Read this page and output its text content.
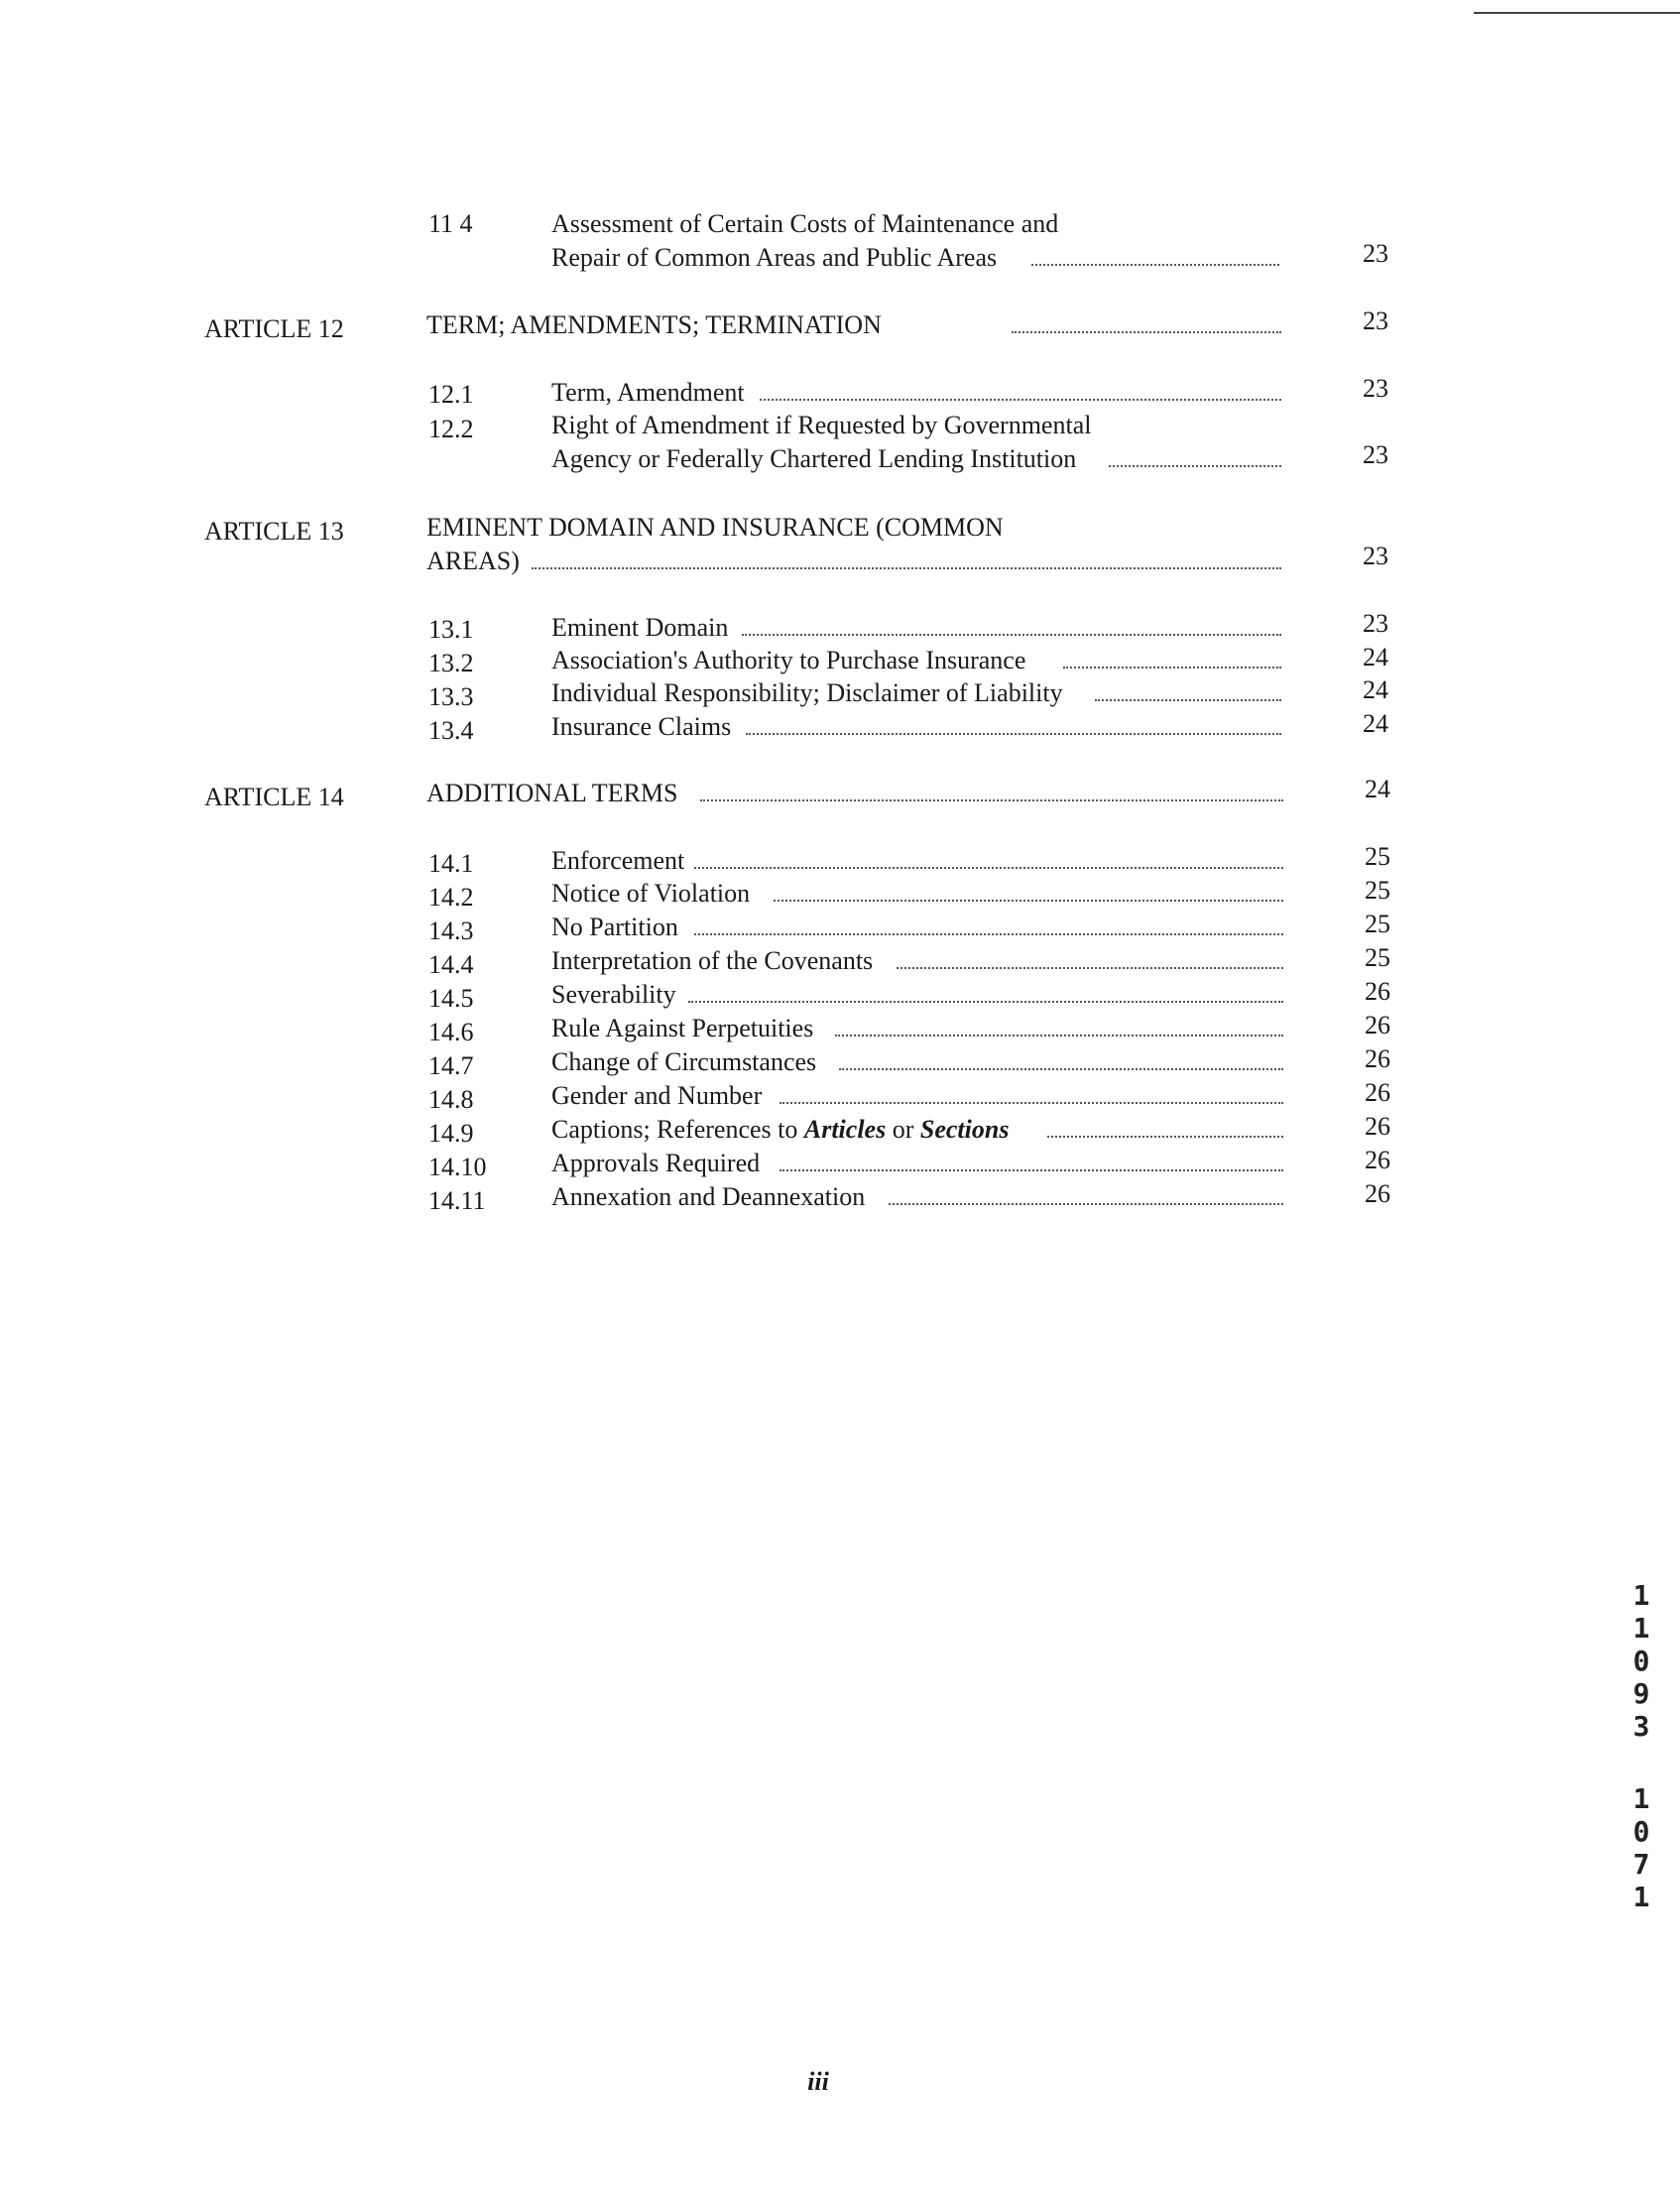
11 4	Assessment of Certain Costs of Maintenance and
Repair of Common Areas and Public Areas	23
ARTICLE 12	TERM; AMENDMENTS; TERMINATION	23
12.1	Term, Amendment	23
12.2	Right of Amendment if Requested by Governmental
Agency or Federally Chartered Lending Institution	23
ARTICLE 13	EMINENT DOMAIN AND INSURANCE (COMMON
AREAS)	23
13.1	Eminent Domain	23
13.2	Association's Authority to Purchase Insurance	24
13.3	Individual Responsibility; Disclaimer of Liability	24
13.4	Insurance Claims	24
ARTICLE 14	ADDITIONAL TERMS	24
14.1	Enforcement	25
14.2	Notice of Violation	25
14.3	No Partition	25
14.4	Interpretation of the Covenants	25
14.5	Severability	26
14.6	Rule Against Perpetuities	26
14.7	Change of Circumstances	26
14.8	Gender and Number	26
14.9	Captions; References to Articles or Sections	26
14.10	Approvals Required	26
14.11	Annexation and Deannexation	26
1
1
0
9
3
1
0
7
1
iii
